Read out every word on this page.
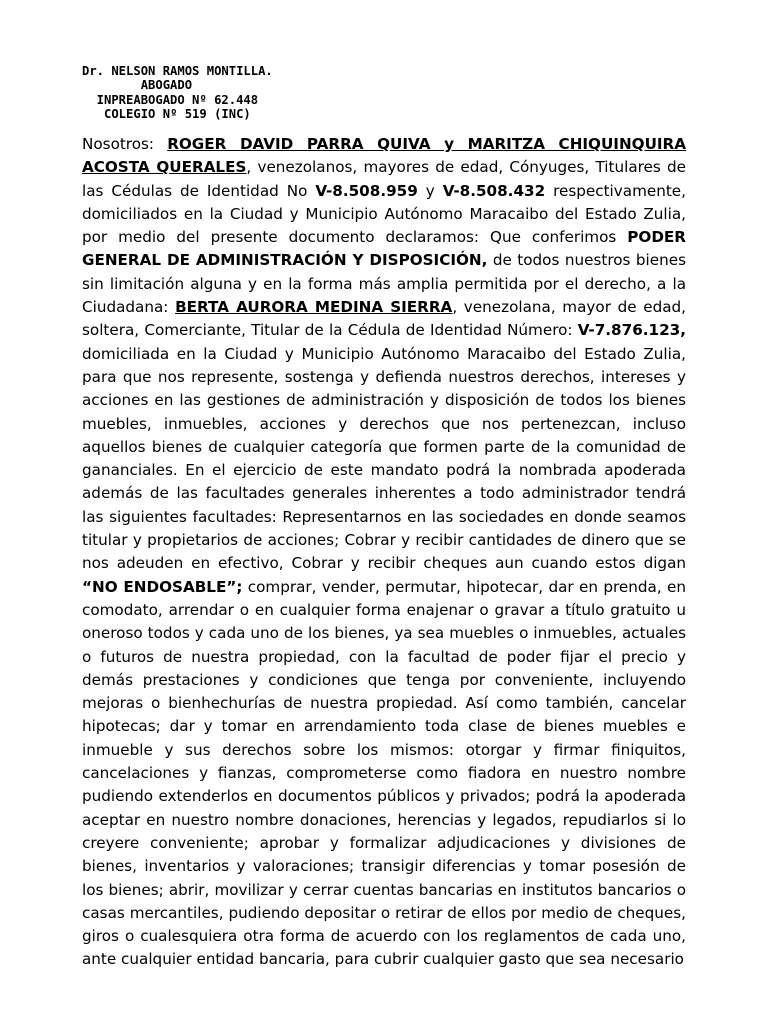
Dr. NELSON RAMOS MONTILLA.
ABOGADO
INPREABOGADO Nº 62.448
COLEGIO Nº 519 (INC)

Nosotros: ROGER DAVID PARRA QUIVA y MARITZA CHIQUINQUIRA ACOSTA QUERALES, venezolanos, mayores de edad, Cónyuges, Titulares de las Cédulas de Identidad No V-8.508.959 y V-8.508.432 respectivamente, domiciliados en la Ciudad y Municipio Autónomo Maracaibo del Estado Zulia, por medio del presente documento declaramos: Que conferimos PODER GENERAL DE ADMINISTRACIÓN Y DISPOSICIÓN, de todos nuestros bienes sin limitación alguna y en la forma más amplia permitida por el derecho, a la Ciudadana: BERTA AURORA MEDINA SIERRA, venezolana, mayor de edad, soltera, Comerciante, Titular de la Cédula de Identidad Número: V-7.876.123, domiciliada en la Ciudad y Municipio Autónomo Maracaibo del Estado Zulia, para que nos represente, sostenga y defienda nuestros derechos, intereses y acciones en las gestiones de administración y disposición de todos los bienes muebles, inmuebles, acciones y derechos que nos pertenezcan, incluso aquellos bienes de cualquier categoría que formen parte de la comunidad de gananciales. En el ejercicio de este mandato podrá la nombrada apoderada además de las facultades generales inherentes a todo administrador tendrá las siguientes facultades: Representarnos en las sociedades en donde seamos titular y propietarios de acciones; Cobrar y recibir cantidades de dinero que se nos adeuden en efectivo, Cobrar y recibir cheques aun cuando estos digan “NO ENDOSABLE”; comprar, vender, permutar, hipotecar, dar en prenda, en comodato, arrendar o en cualquier forma enajenar o gravar a título gratuito u oneroso todos y cada uno de los bienes, ya sea muebles o inmuebles, actuales o futuros de nuestra propiedad, con la facultad de poder fijar el precio y demás prestaciones y condiciones que tenga por conveniente, incluyendo mejoras o bienhechurías de nuestra propiedad. Así como también, cancelar hipotecas; dar y tomar en arrendamiento toda clase de bienes muebles e inmueble y sus derechos sobre los mismos: otorgar y firmar finiquitos, cancelaciones y fianzas, comprometerse como fiadora en nuestro nombre pudiendo extenderlos en documentos públicos y privados; podrá la apoderada aceptar en nuestro nombre donaciones, herencias y legados, repudiarlos si lo creyere conveniente; aprobar y formalizar adjudicaciones y divisiones de bienes, inventarios y valoraciones; transigir diferencias y tomar posesión de los bienes; abrir, movilizar y cerrar cuentas bancarias en institutos bancarios o casas mercantiles, pudiendo depositar o retirar de ellos por medio de cheques, giros o cualesquiera otra forma de acuerdo con los reglamentos de cada uno, ante cualquier entidad bancaria, para cubrir cualquier gasto que sea necesario
